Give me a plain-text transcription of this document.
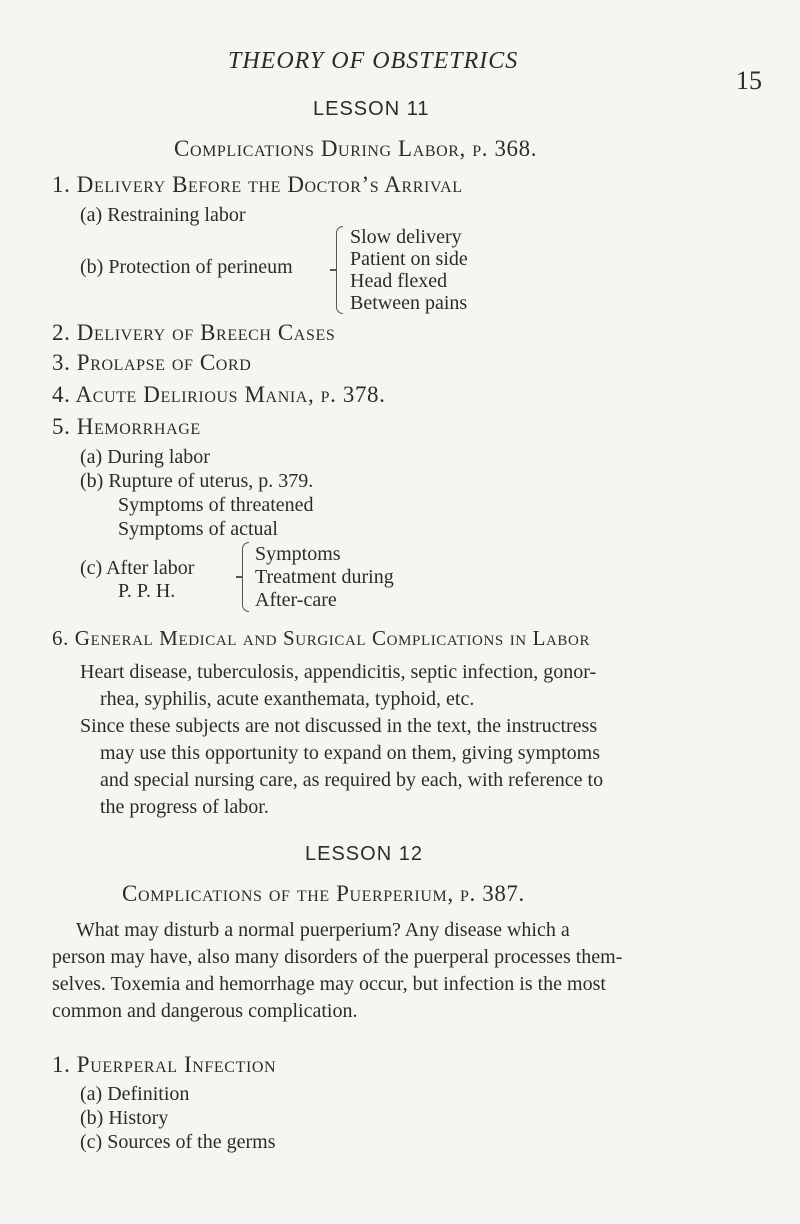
THEORY OF OBSTETRICS
15
LESSON 11
Complications During Labor, p. 368.
1. Delivery Before the Doctor’s Arrival
(a) Restraining labor
(b) Protection of perineum
Slow delivery
Patient on side
Head flexed
Between pains
2. Delivery of Breech Cases
3. Prolapse of Cord
4. Acute Delirious Mania, p. 378.
5. Hemorrhage
(a) During labor
(b) Rupture of uterus, p. 379.
Symptoms of threatened
Symptoms of actual
(c) After labor
P. P. H.
Symptoms
Treatment during
After-care
6. General Medical and Surgical Complications in Labor
Heart disease, tuberculosis, appendicitis, septic infection, gonor-
rhea, syphilis, acute exanthemata, typhoid, etc.
Since these subjects are not discussed in the text, the instructress
may use this opportunity to expand on them, giving symptoms
and special nursing care, as required by each, with reference to
the progress of labor.
LESSON 12
Complications of the Puerperium, p. 387.
What may disturb a normal puerperium? Any disease which a
person may have, also many disorders of the puerperal processes them-
selves. Toxemia and hemorrhage may occur, but infection is the most
common and dangerous complication.
1. Puerperal Infection
(a) Definition
(b) History
(c) Sources of the germs
